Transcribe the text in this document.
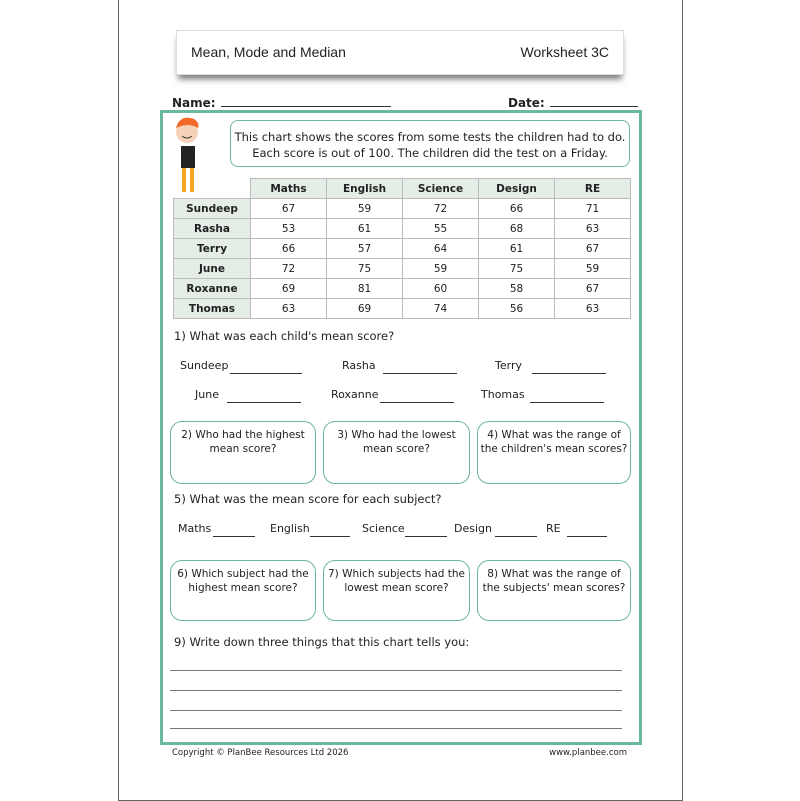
Mean, Mode and Median	Worksheet 3C
Name:	Date:
This chart shows the scores from some tests the children had to do.
Each score is out of 100. The children did the test on a Friday.
	Maths	English	Science	Design	RE
Sundeep	67	59	72	66	71
Rasha	53	61	55	68	63
Terry	66	57	64	61	67
June	72	75	59	75	59
Roxanne	69	81	60	58	67
Thomas	63	69	74	56	63
1) What was each child's mean score?
Sundeep	Rasha	Terry
June	Roxanne	Thomas
2) Who had the highest mean score?
3) Who had the lowest mean score?
4) What was the range of the children's mean scores?
5) What was the mean score for each subject?
Maths	English	Science	Design	RE
6) Which subject had the highest mean score?
7) Which subjects had the lowest mean score?
8) What was the range of the subjects' mean scores?
9) Write down three things that this chart tells you:
Copyright © PlanBee Resources Ltd 2026	www.planbee.com
